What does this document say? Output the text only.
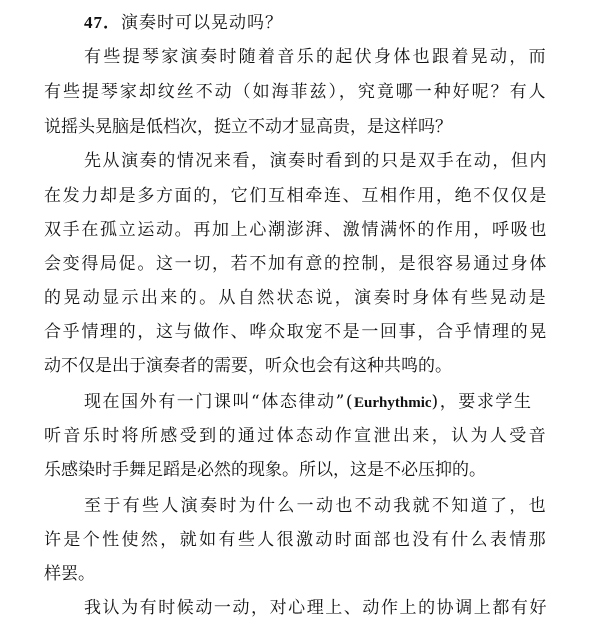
47．演奏时可以晃动吗？
有些提琴家演奏时随着音乐的起伏身体也跟着晃动，而
有些提琴家却纹丝不动（如海菲兹），究竟哪一种好呢？有人
说摇头晃脑是低档次，挺立不动才显高贵，是这样吗？
先从演奏的情况来看，演奏时看到的只是双手在动，但内
在发力却是多方面的，它们互相牵连、互相作用，绝不仅仅是
双手在孤立运动。再加上心潮澎湃、激情满怀的作用，呼吸也
会变得局促。这一切，若不加有意的控制，是很容易通过身体
的晃动显示出来的。从自然状态说，演奏时身体有些晃动是
合乎情理的，这与做作、哗众取宠不是一回事，合乎情理的晃
动不仅是出于演奏者的需要，听众也会有这种共鸣的。
现在国外有一门课叫“体态律动”(Eurhythmic)，要求学生
听音乐时将所感受到的通过体态动作宣泄出来，认为人受音
乐感染时手舞足蹈是必然的现象。所以，这是不必压抑的。
至于有些人演奏时为什么一动也不动我就不知道了，也
许是个性使然，就如有些人很激动时面部也没有什么表情那
样罢。
我认为有时候动一动，对心理上、动作上的协调上都有好
